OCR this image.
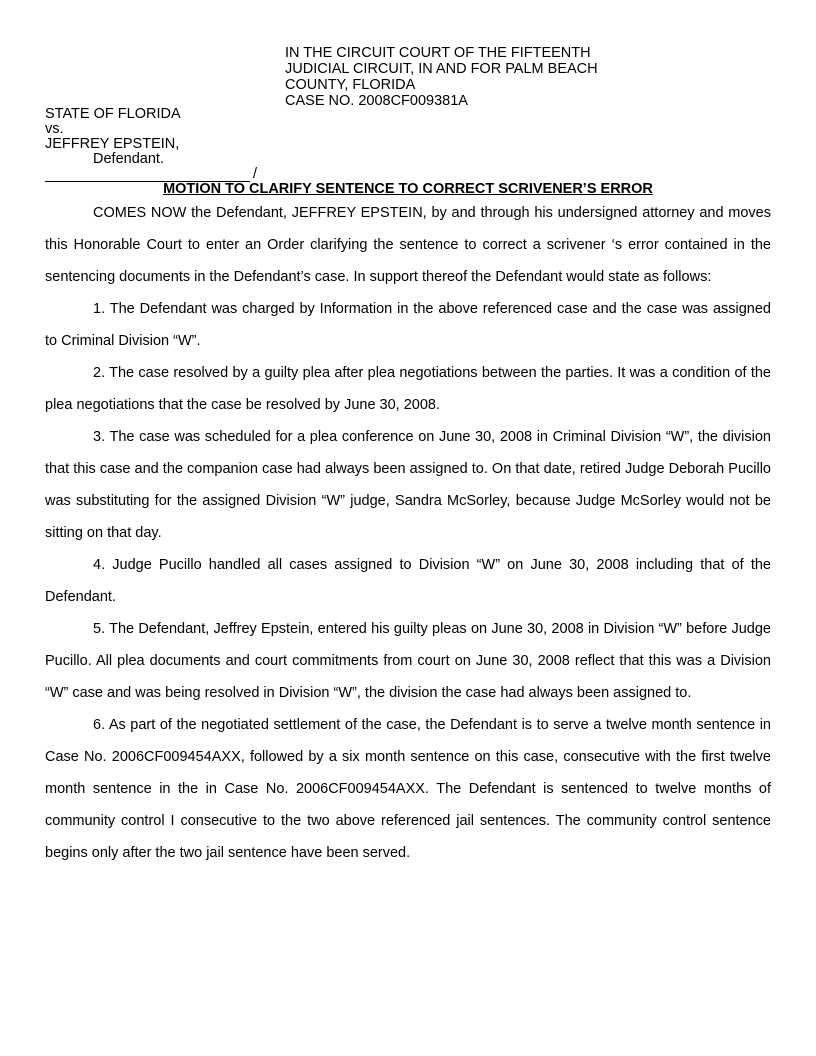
IN THE CIRCUIT COURT OF THE FIFTEENTH
JUDICIAL CIRCUIT, IN AND FOR PALM BEACH
COUNTY, FLORIDA
CASE NO. 2008CF009381A
STATE OF FLORIDA
vs.
JEFFREY EPSTEIN,
Defendant.
/
MOTION TO CLARIFY SENTENCE TO CORRECT SCRIVENER’S ERROR

COMES NOW the Defendant, JEFFREY EPSTEIN, by and through his undersigned attorney and moves this Honorable Court to enter an Order clarifying the sentence to correct a scrivener ‘s error contained in the sentencing documents in the Defendant’s case. In support thereof the Defendant would state as follows:

1. The Defendant was charged by Information in the above referenced case and the case was assigned to Criminal Division “W”.

2. The case resolved by a guilty plea after plea negotiations between the parties. It was a condition of the plea negotiations that the case be resolved by June 30, 2008.

3. The case was scheduled for a plea conference on June 30, 2008 in Criminal Division “W”, the division that this case and the companion case had always been assigned to. On that date, retired Judge Deborah Pucillo was substituting for the assigned Division “W” judge, Sandra McSorley, because Judge McSorley would not be sitting on that day.

4. Judge Pucillo handled all cases assigned to Division “W” on June 30, 2008 including that of the Defendant.

5. The Defendant, Jeffrey Epstein, entered his guilty pleas on June 30, 2008 in Division “W” before Judge Pucillo. All plea documents and court commitments from court on June 30, 2008 reflect that this was a Division “W” case and was being resolved in Division “W”, the division the case had always been assigned to.

6. As part of the negotiated settlement of the case, the Defendant is to serve a twelve month sentence in Case No. 2006CF009454AXX, followed by a six month sentence on this case, consecutive with the first twelve month sentence in the in Case No. 2006CF009454AXX. The Defendant is sentenced to twelve months of community control I consecutive to the two above referenced jail sentences. The community control sentence begins only after the two jail sentence have been served.
